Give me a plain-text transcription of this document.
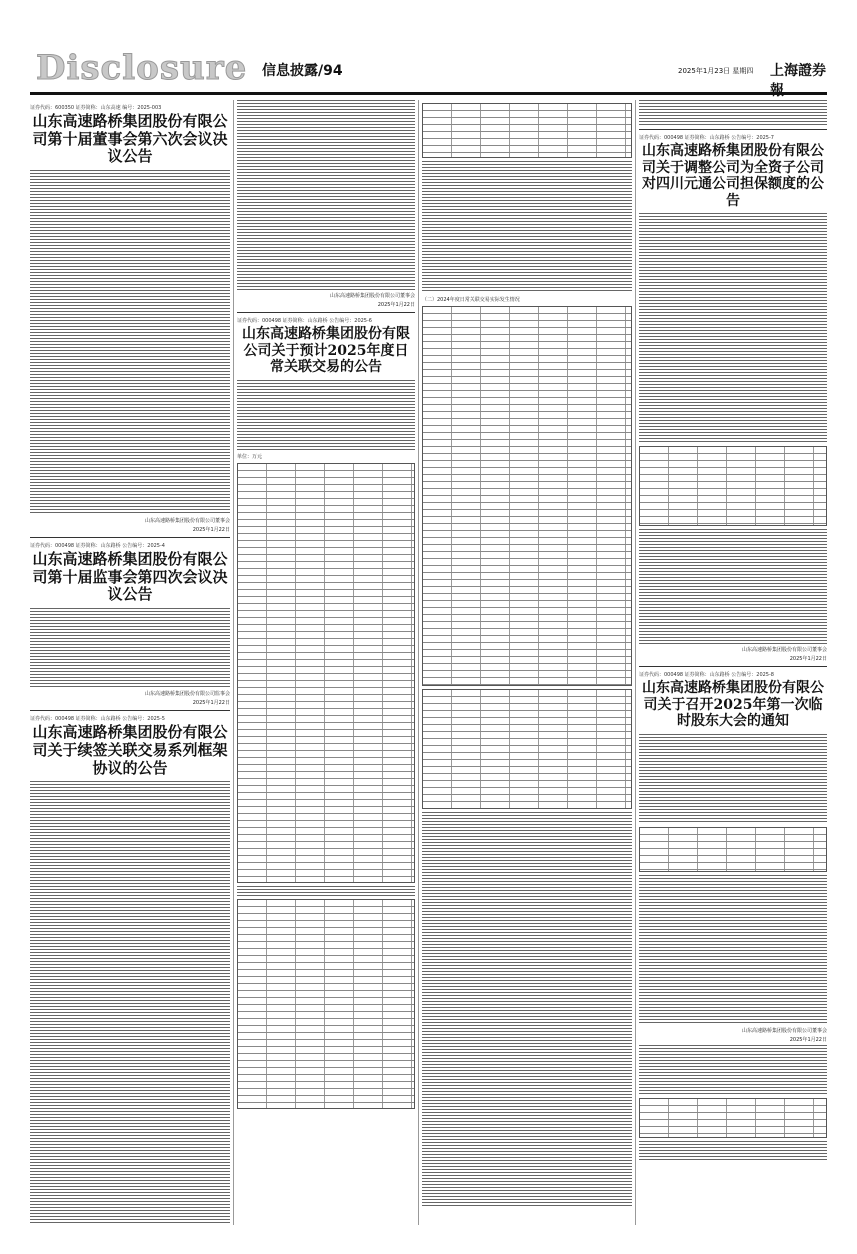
Disclosure 信息披露/94	2025年1月23日 星期四 上海證券報
证券代码：600350 证券简称：山东高速 编号：2025-003
山东高速路桥集团股份有限公司第十届董事会第六次会议决议公告
山东高速路桥集团股份有限公司董事会
2025年1月22日
证券代码：000498 证券简称：山东路桥 公告编号：2025-4
山东高速路桥集团股份有限公司第十届监事会第四次会议决议公告
山东高速路桥集团股份有限公司监事会
2025年1月22日
证券代码：000498 证券简称：山东路桥 公告编号：2025-5
山东高速路桥集团股份有限公司关于续签关联交易系列框架协议的公告
山东高速路桥集团股份有限公司董事会
2025年1月22日
证券代码：000498 证券简称：山东路桥 公告编号：2025-6
山东高速路桥集团股份有限公司关于预计2025年度日常关联交易的公告
单位：万元
（二）2024年度日常关联交易实际发生情况
证券代码：000498 证券简称：山东路桥 公告编号：2025-7
山东高速路桥集团股份有限公司关于调整公司为全资子公司对四川元通公司担保额度的公告
山东高速路桥集团股份有限公司董事会
2025年1月22日
证券代码：000498 证券简称：山东路桥 公告编号：2025-8
山东高速路桥集团股份有限公司关于召开2025年第一次临时股东大会的通知
山东高速路桥集团股份有限公司董事会
2025年1月22日
